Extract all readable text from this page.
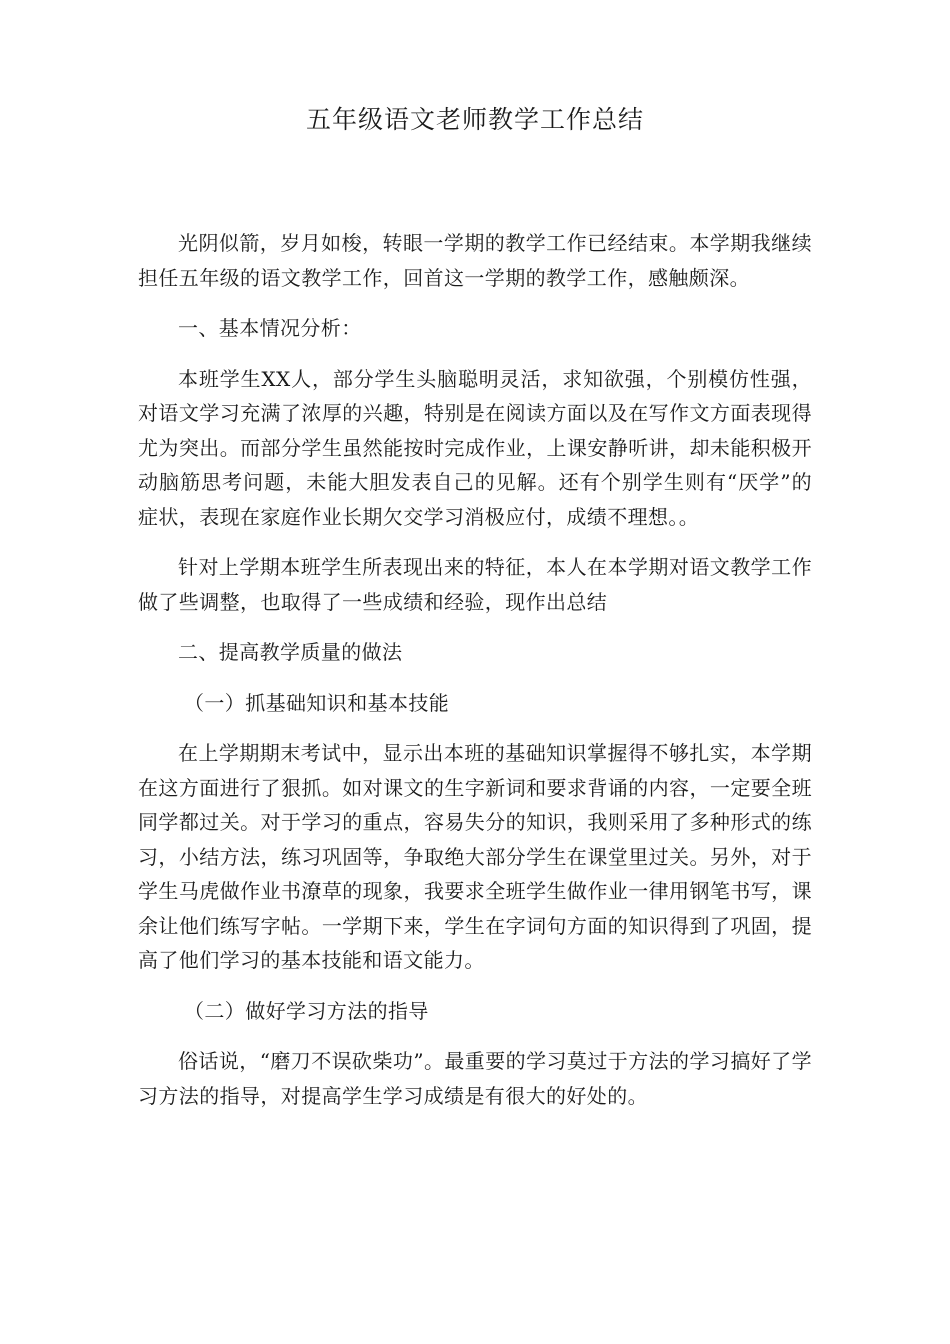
五年级语文老师教学工作总结

光阴似箭，岁月如梭，转眼一学期的教学工作已经结束。本学期我继续担任五年级的语文教学工作，回首这一学期的教学工作，感触颇深。

一、基本情况分析：

本班学生XX人，部分学生头脑聪明灵活，求知欲强，个别模仿性强，对语文学习充满了浓厚的兴趣，特别是在阅读方面以及在写作文方面表现得尤为突出。而部分学生虽然能按时完成作业，上课安静听讲，却未能积极开动脑筋思考问题，未能大胆发表自己的见解。还有个别学生则有“厌学”的症状，表现在家庭作业长期欠交学习消极应付，成绩不理想。。

针对上学期本班学生所表现出来的特征，本人在本学期对语文教学工作做了些调整，也取得了一些成绩和经验，现作出总结

二、提高教学质量的做法

（一）抓基础知识和基本技能

在上学期期末考试中，显示出本班的基础知识掌握得不够扎实，本学期在这方面进行了狠抓。如对课文的生字新词和要求背诵的内容，一定要全班同学都过关。对于学习的重点，容易失分的知识，我则采用了多种形式的练习，小结方法，练习巩固等，争取绝大部分学生在课堂里过关。另外，对于学生马虎做作业书潦草的现象，我要求全班学生做作业一律用钢笔书写，课余让他们练写字帖。一学期下来，学生在字词句方面的知识得到了巩固，提高了他们学习的基本技能和语文能力。

（二）做好学习方法的指导

俗话说，“磨刀不误砍柴功”。最重要的学习莫过于方法的学习搞好了学习方法的指导，对提高学生学习成绩是有很大的好处的。
